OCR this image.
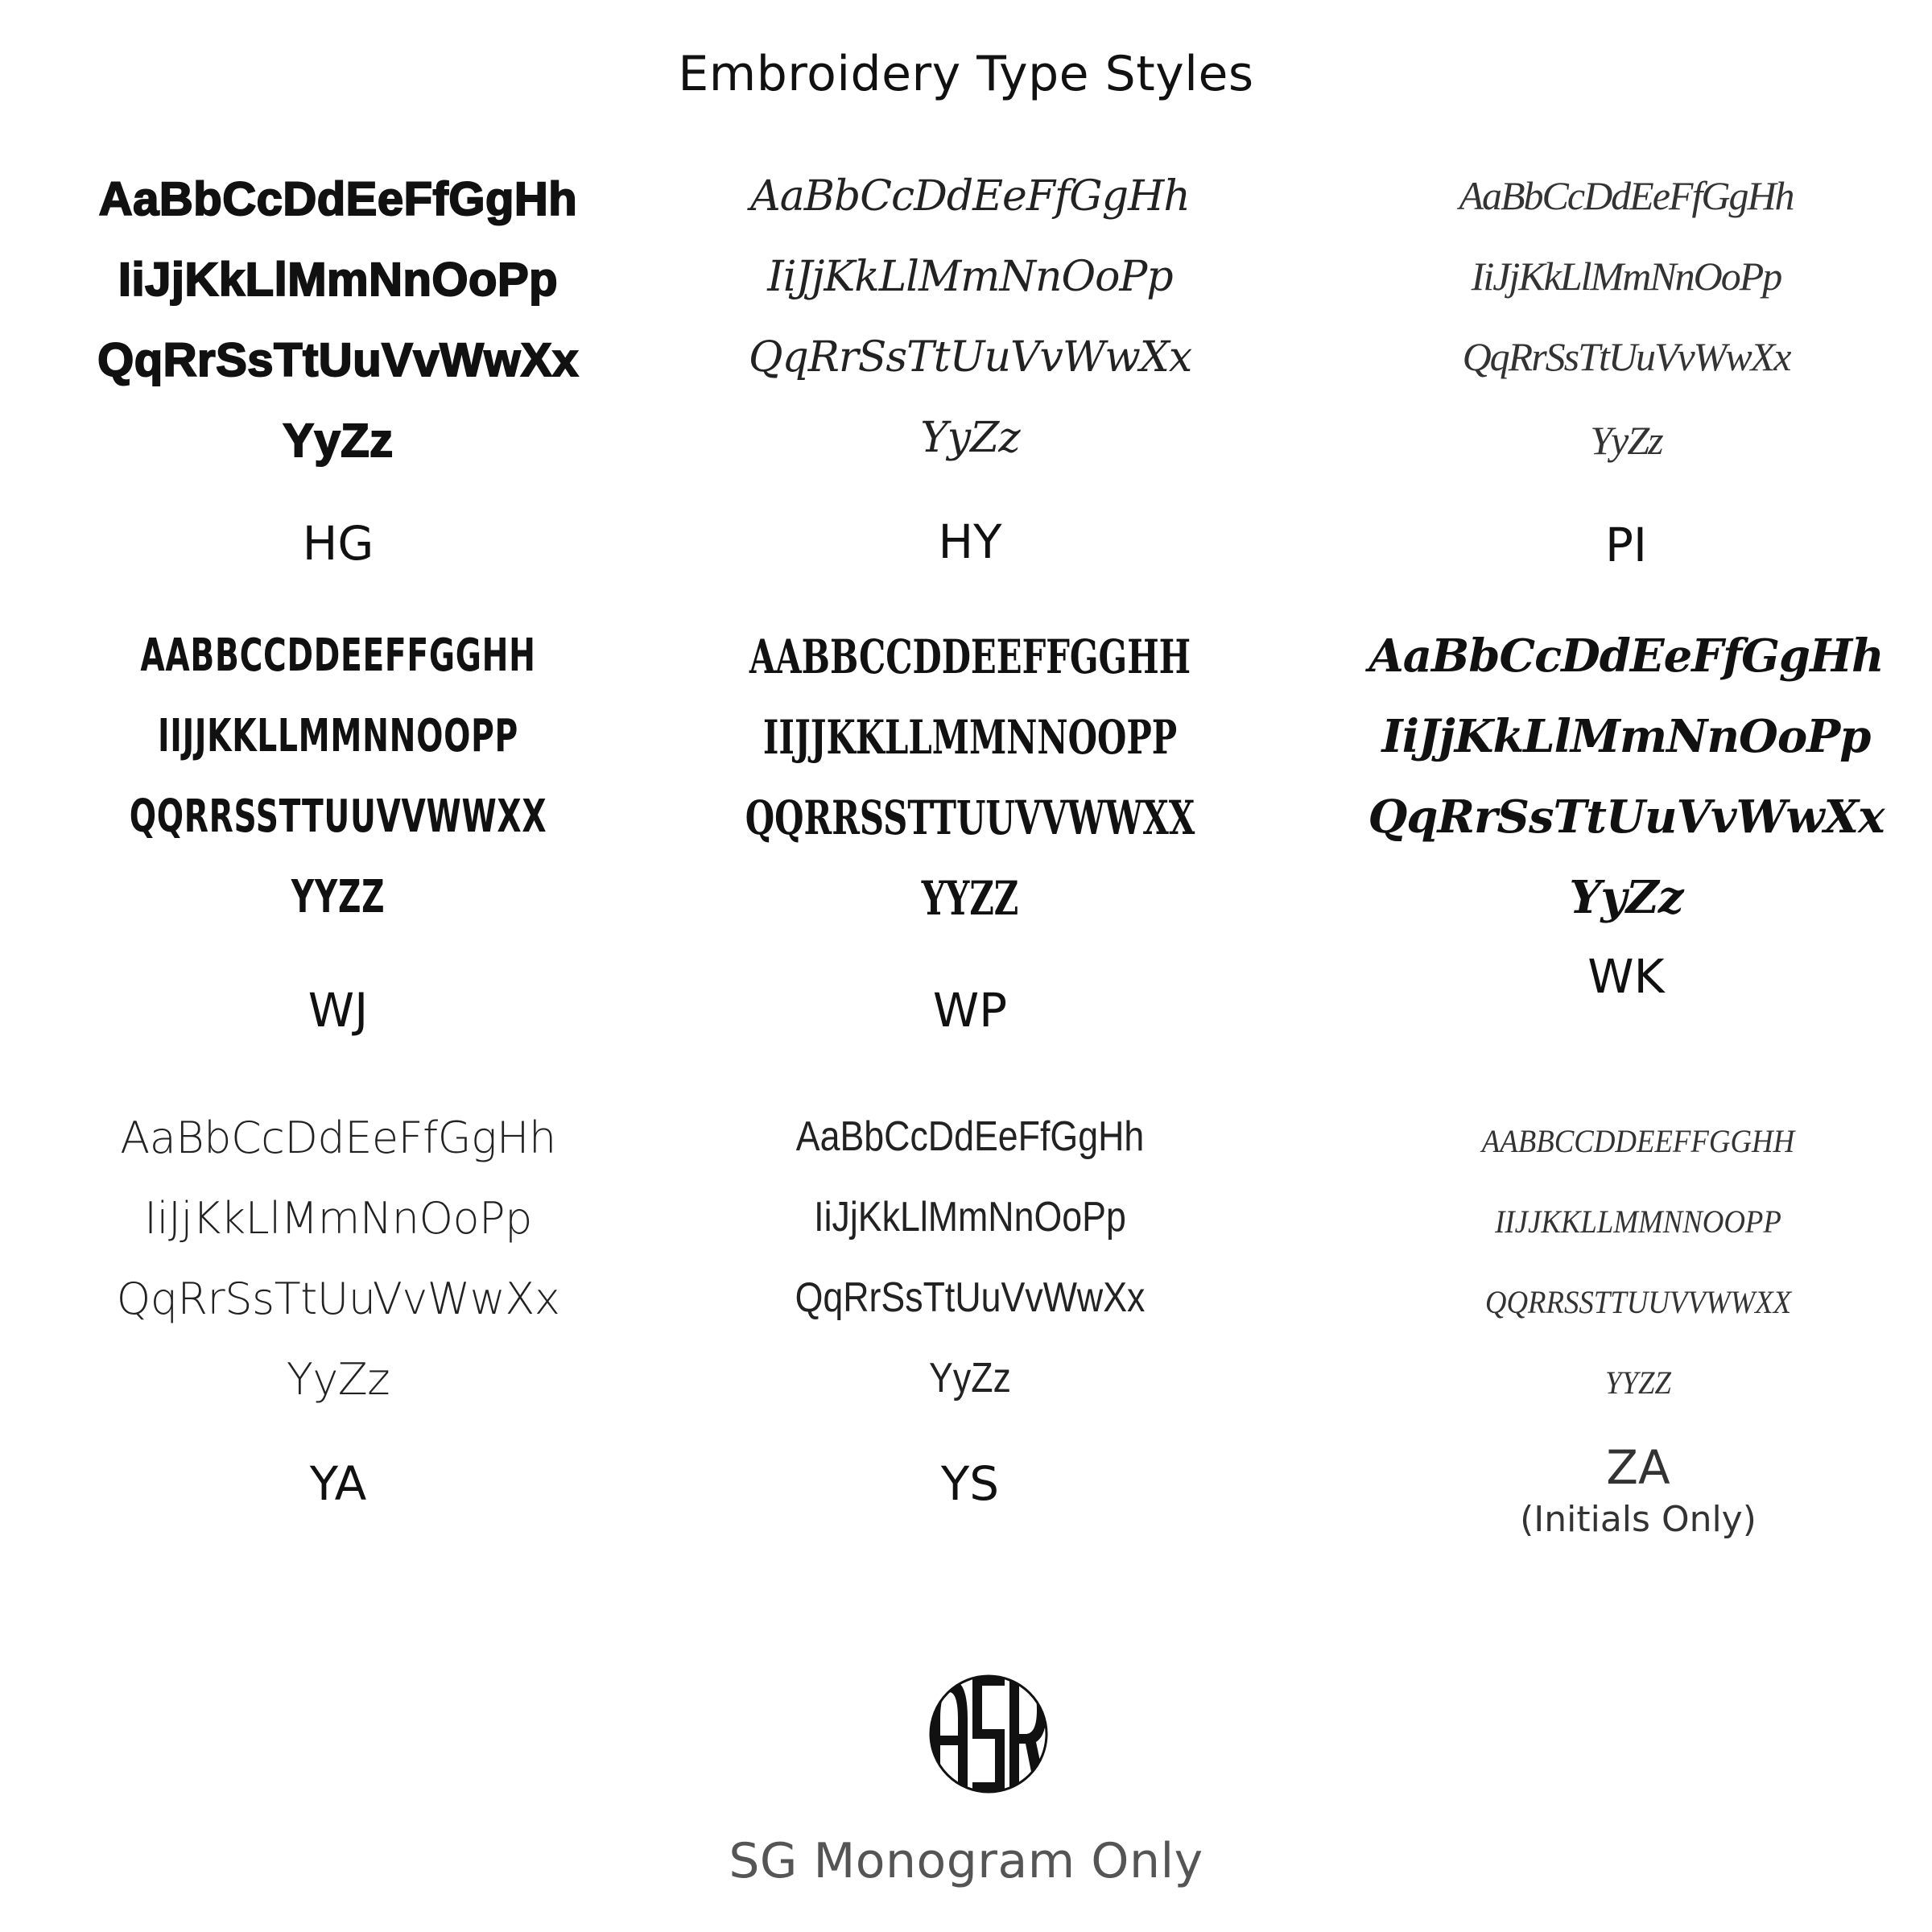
Embroidery Type Styles
AaBbCcDdEeFfGgHh
IiJjKkLlMmNnOoPp
QqRrSsTtUuVvWwXx
YyZz
HG
AaBbCcDdEeFfGgHh
IiJjKkLlMmNnOoPp
QqRrSsTtUuVvWwXx
YyZz
HY
AaBbCcDdEeFfGgHh
IiJjKkLlMmNnOoPp
QqRrSsTtUuVvWwXx
YyZz
PI
AABBCCDDEEFFGGHH
IIJJKKLLMMNNOOPP
QQRRSSTTUUVVWWXX
YYZZ
WJ
AABBCCDDEEFFGGHH
IIJJKKLLMMNNOOPP
QQRRSSTTUUVVWWXX
YYZZ
WP
AaBbCcDdEeFfGgHh
IiJjKkLlMmNnOoPp
QqRrSsTtUuVvWwXx
YyZz
WK
AaBbCcDdEeFfGgHh
IiJjKkLlMmNnOoPp
QqRrSsTtUuVvWwXx
YyZz
YA
AaBbCcDdEeFfGgHh
IiJjKkLlMmNnOoPp
QqRrSsTtUuVvWwXx
YyZz
YS
AABBCCDDEEFFGGHH
IIJJKKLLMMNNOOPP
QQRRSSTTUUVVWWXX
YYZZ
ZA
(Initials Only)
SG Monogram Only
